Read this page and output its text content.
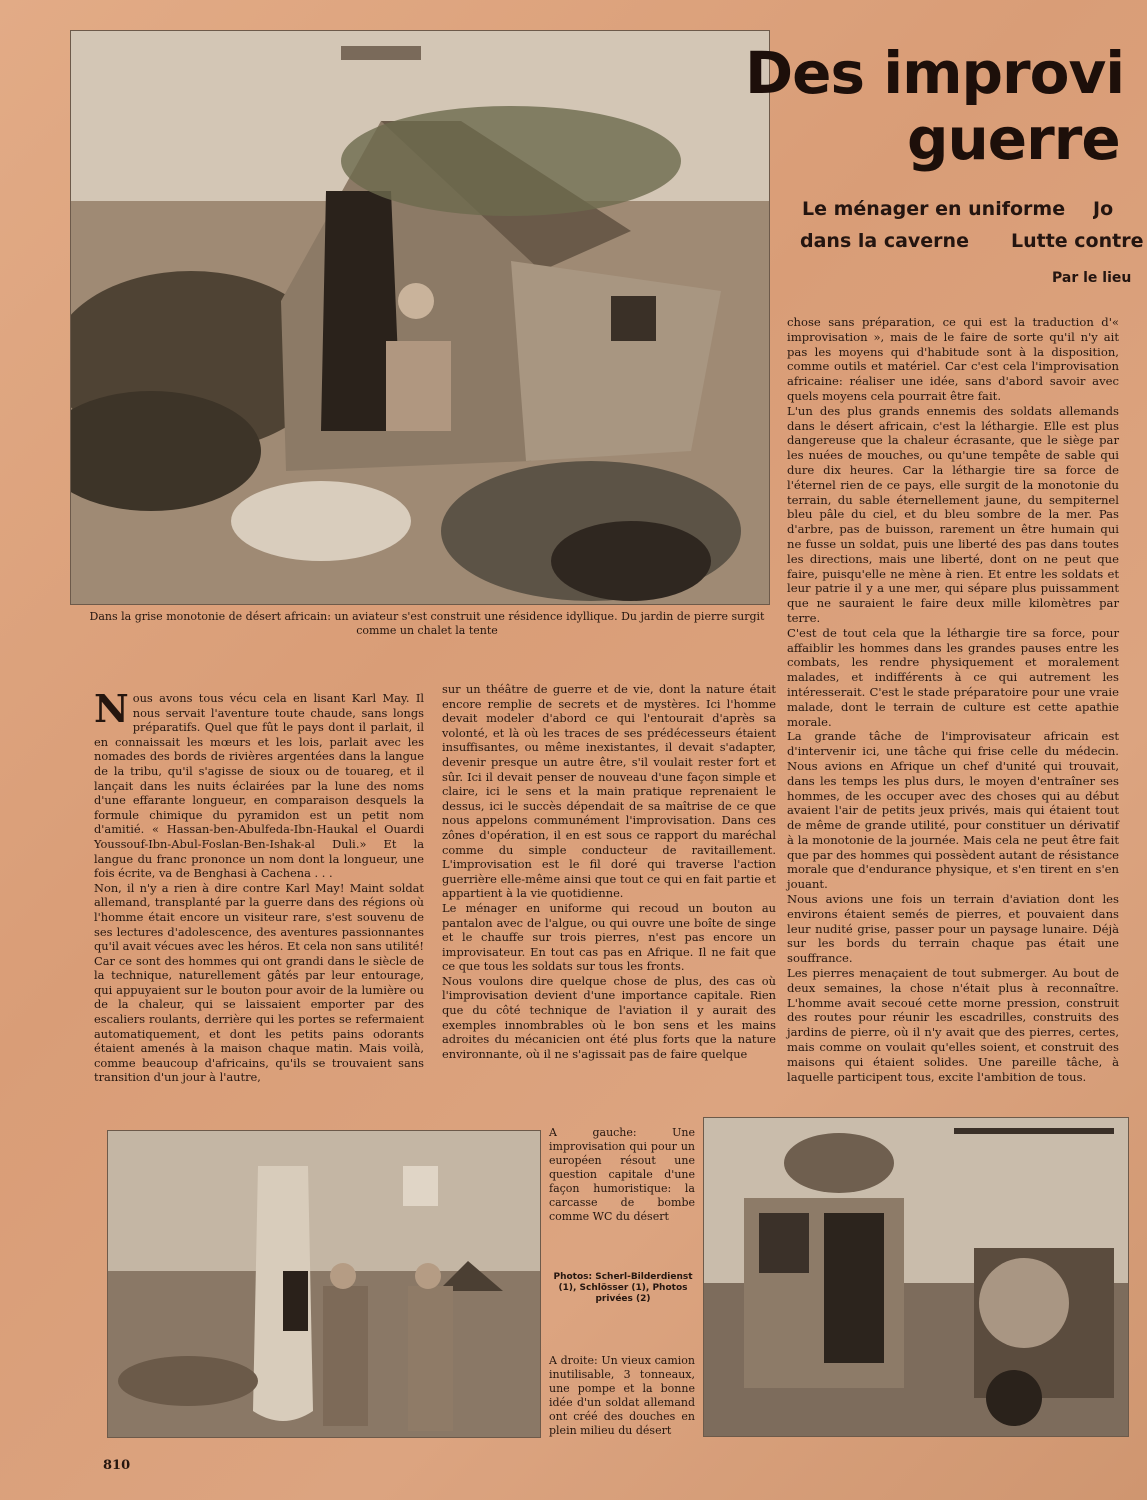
Des improvi
guerre
Le ménager en uniforme
dans la caverne
Jo
Lutte contre
Par le lieu
Dans la grise monotonie de désert africain: un aviateur s'est construit une résidence idyllique. Du jardin de pierre surgit comme un chalet la tente

chose sans préparation, ce qui est la traduction d'« improvisation », mais de le faire de sorte qu'il n'y ait pas les moyens qui d'habitude sont à la disposition, comme outils et matériel. Car c'est cela l'improvisation africaine: réaliser une idée, sans d'abord savoir avec quels moyens cela pourrait être fait.

L'un des plus grands ennemis des soldats allemands dans le désert africain, c'est la léthargie. Elle est plus dangereuse que la chaleur écrasante, que le siège par les nuées de mouches, ou qu'une tempête de sable qui dure dix heures. Car la léthargie tire sa force de l'éternel rien de ce pays, elle surgit de la monotonie du terrain, du sable éternellement jaune, du sempiternel bleu pâle du ciel, et du bleu sombre de la mer. Pas d'arbre, pas de buisson, rarement un être humain qui ne fusse un soldat, puis une liberté des pas dans toutes les directions, mais une liberté, dont on ne peut que faire, puisqu'elle ne mène à rien. Et entre les soldats et leur patrie il y a une mer, qui sépare plus puissamment que ne sauraient le faire deux mille kilomètres par terre.

C'est de tout cela que la léthargie tire sa force, pour affaiblir les hommes dans les grandes pauses entre les combats, les rendre physiquement et moralement malades, et indifférents à ce qui autrement les intéresserait. C'est le stade préparatoire pour une vraie malade, dont le terrain de culture est cette apathie morale.

La grande tâche de l'improvisateur africain est d'intervenir ici, une tâche qui frise celle du médecin. Nous avions en Afrique un chef d'unité qui trouvait, dans les temps les plus durs, le moyen d'entraîner ses hommes, de les occuper avec des choses qui au début avaient l'air de petits jeux privés, mais qui étaient tout de même de grande utilité, pour constituer un dérivatif à la monotonie de la journée. Mais cela ne peut être fait que par des hommes qui possèdent autant de résistance morale que d'endurance physique, et s'en tirent en s'en jouant.

Nous avions une fois un terrain d'aviation dont les environs étaient semés de pierres, et pouvaient dans leur nudité grise, passer pour un paysage lunaire. Déjà sur les bords du terrain chaque pas était une souffrance.

Les pierres menaçaient de tout submerger. Au bout de deux semaines, la chose n'était plus à reconnaître. L'homme avait secoué cette morne pression, construit des routes pour réunir les escadrilles, construits des jardins de pierre, où il n'y avait que des pierres, certes, mais comme on voulait qu'elles soient, et construit des maisons qui étaient solides. Une pareille tâche, à laquelle participent tous, excite l'ambition de tous.

Nous avons tous vécu cela en lisant Karl May. Il nous servait l'aventure toute chaude, sans longs préparatifs. Quel que fût le pays dont il parlait, il en connaissait les mœurs et les lois, parlait avec les nomades des bords de rivières argentées dans la langue de la tribu, qu'il s'agisse de sioux ou de touareg, et il lançait dans les nuits éclairées par la lune des noms d'une effarante longueur, en comparaison desquels la formule chimique du pyramidon est un petit nom d'amitié. « Hassan-ben-Abulfeda-Ibn-Haukal el Ouardi Youssouf-Ibn-Abul-Foslan-Ben-Ishak-al Duli.» Et la langue du franc prononce un nom dont la longueur, une fois écrite, va de Benghasi à Cachena . . .

Non, il n'y a rien à dire contre Karl May! Maint soldat allemand, transplanté par la guerre dans des régions où l'homme était encore un visiteur rare, s'est souvenu de ses lectures d'adolescence, des aventures passionnantes qu'il avait vécues avec les héros. Et cela non sans utilité! Car ce sont des hommes qui ont grandi dans le siècle de la technique, naturellement gâtés par leur entourage, qui appuyaient sur le bouton pour avoir de la lumière ou de la chaleur, qui se laissaient emporter par des escaliers roulants, derrière qui les portes se refermaient automatiquement, et dont les petits pains odorants étaient amenés à la maison chaque matin. Mais voilà, comme beaucoup d'africains, qu'ils se trouvaient sans transition d'un jour à l'autre,

sur un théâtre de guerre et de vie, dont la nature était encore remplie de secrets et de mystères. Ici l'homme devait modeler d'abord ce qui l'entourait d'après sa volonté, et là où les traces de ses prédécesseurs étaient insuffisantes, ou même inexistantes, il devait s'adapter, devenir presque un autre être, s'il voulait rester fort et sûr. Ici il devait penser de nouveau d'une façon simple et claire, ici le sens et la main pratique reprenaient le dessus, ici le succès dépendait de sa maîtrise de ce que nous appelons communément l'improvisation. Dans ces zônes d'opération, il en est sous ce rapport du maréchal comme du simple conducteur de ravitaillement. L'improvisation est le fil doré qui traverse l'action guerrière elle-même ainsi que tout ce qui en fait partie et appartient à la vie quotidienne.

Le ménager en uniforme qui recoud un bouton au pantalon avec de l'algue, ou qui ouvre une boîte de singe et le chauffe sur trois pierres, n'est pas encore un improvisateur. En tout cas pas en Afrique. Il ne fait que ce que tous les soldats sur tous les fronts.

Nous voulons dire quelque chose de plus, des cas où l'improvisation devient d'une importance capitale. Rien que du côté technique de l'aviation il y aurait des exemples innombrables où le bon sens et les mains adroites du mécanicien ont été plus forts que la nature environnante, où il ne s'agissait pas de faire quelque

A gauche: Une improvisation qui pour un européen résout une question capitale d'une façon humoristique: la carcasse de bombe comme WC du désert
Photos: Scherl-Bilderdienst (1), Schlösser (1), Photos privées (2)
A droite: Un vieux camion inutilisable, 3 tonneaux, une pompe et la bonne idée d'un soldat allemand ont créé des douches en plein milieu du désert
810
